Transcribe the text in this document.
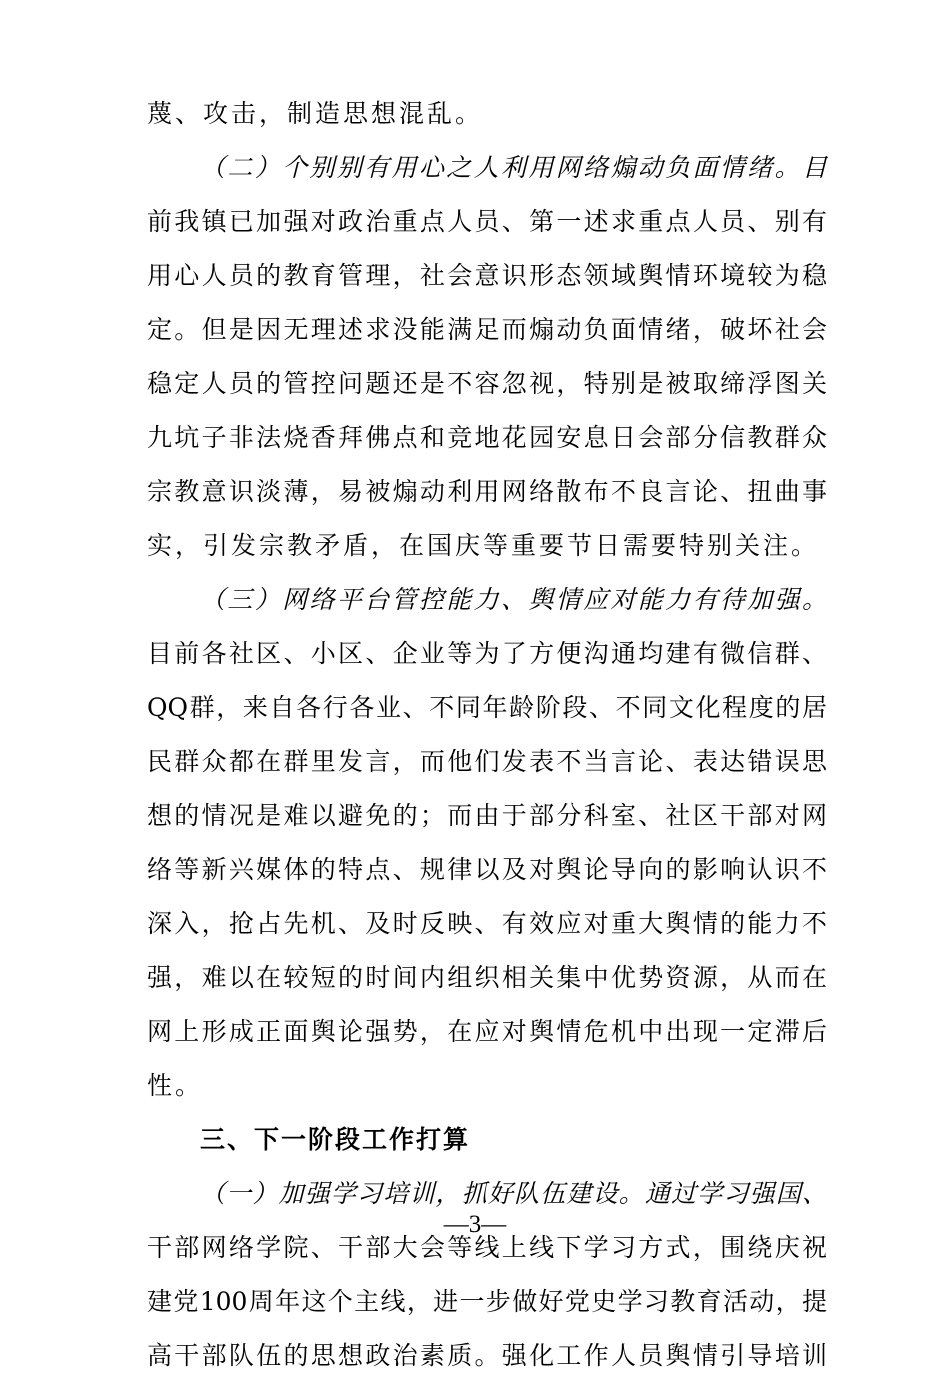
蔑、攻击，制造思想混乱。
（二）个别别有用心之人利用网络煽动负面情绪。目
前我镇已加强对政治重点人员、第一述求重点人员、别有
用心人员的教育管理，社会意识形态领域舆情环境较为稳
定。但是因无理述求没能满足而煽动负面情绪，破坏社会
稳定人员的管控问题还是不容忽视，特别是被取缔浮图关
九坑子非法烧香拜佛点和竞地花园安息日会部分信教群众
宗教意识淡薄，易被煽动利用网络散布不良言论、扭曲事
实，引发宗教矛盾，在国庆等重要节日需要特别关注。
（三）网络平台管控能力、舆情应对能力有待加强。
目前各社区、小区、企业等为了方便沟通均建有微信群、
QQ群，来自各行各业、不同年龄阶段、不同文化程度的居
民群众都在群里发言，而他们发表不当言论、表达错误思
想的情况是难以避免的；而由于部分科室、社区干部对网
络等新兴媒体的特点、规律以及对舆论导向的影响认识不
深入，抢占先机、及时反映、有效应对重大舆情的能力不
强，难以在较短的时间内组织相关集中优势资源，从而在
网上形成正面舆论强势，在应对舆情危机中出现一定滞后
性。
三、下一阶段工作打算
（一）加强学习培训，抓好队伍建设。通过学习强国、
干部网络学院、干部大会等线上线下学习方式，围绕庆祝
建党100周年这个主线，进一步做好党史学习教育活动，提
高干部队伍的思想政治素质。强化工作人员舆情引导培训
—3—
